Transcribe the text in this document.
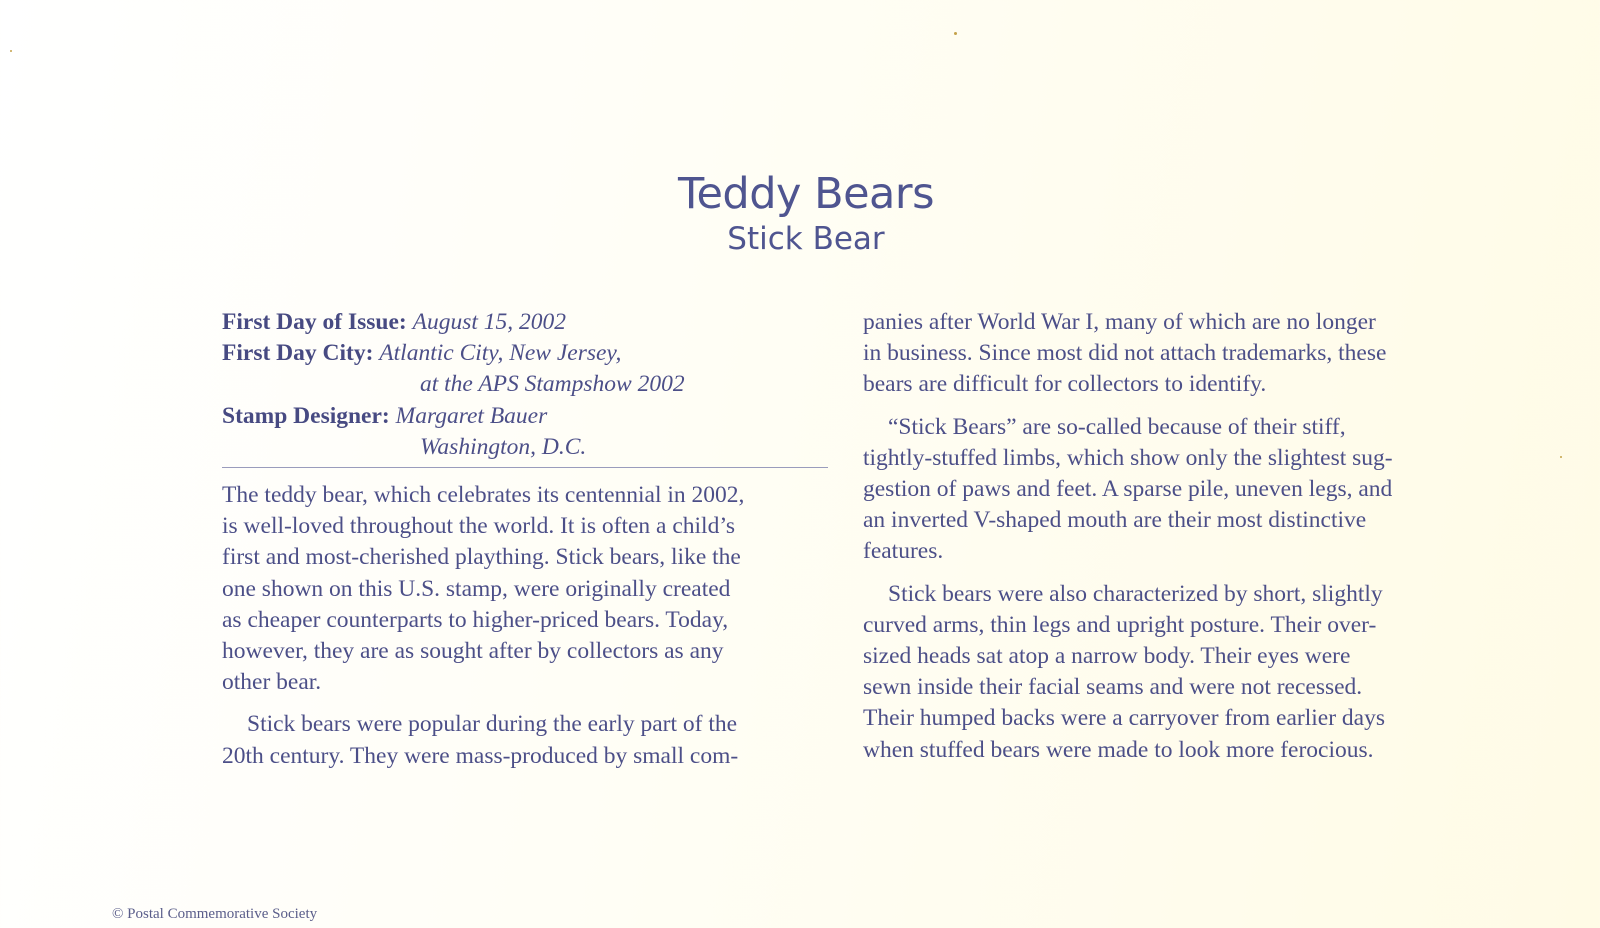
Teddy Bears
Stick Bear
First Day of Issue: August 15, 2002
First Day City: Atlantic City, New Jersey,
at the APS Stampshow 2002
Stamp Designer: Margaret Bauer
Washington, D.C.

The teddy bear, which celebrates its centennial in 2002,

is well-loved throughout the world. It is often a child’s

first and most-cherished plaything. Stick bears, like the

one shown on this U.S. stamp, were originally created

as cheaper counterparts to higher-priced bears. Today,

however, they are as sought after by collectors as any

other bear.

Stick bears were popular during the early part of the

20th century. They were mass-produced by small com-

panies after World War I, many of which are no longer

in business. Since most did not attach trademarks, these

bears are difficult for collectors to identify.

“Stick Bears” are so-called because of their stiff,

tightly-stuffed limbs, which show only the slightest sug-

gestion of paws and feet. A sparse pile, uneven legs, and

an inverted V-shaped mouth are their most distinctive

features.

Stick bears were also characterized by short, slightly

curved arms, thin legs and upright posture. Their over-

sized heads sat atop a narrow body. Their eyes were

sewn inside their facial seams and were not recessed.

Their humped backs were a carryover from earlier days

when stuffed bears were made to look more ferocious.

© Postal Commemorative Society
